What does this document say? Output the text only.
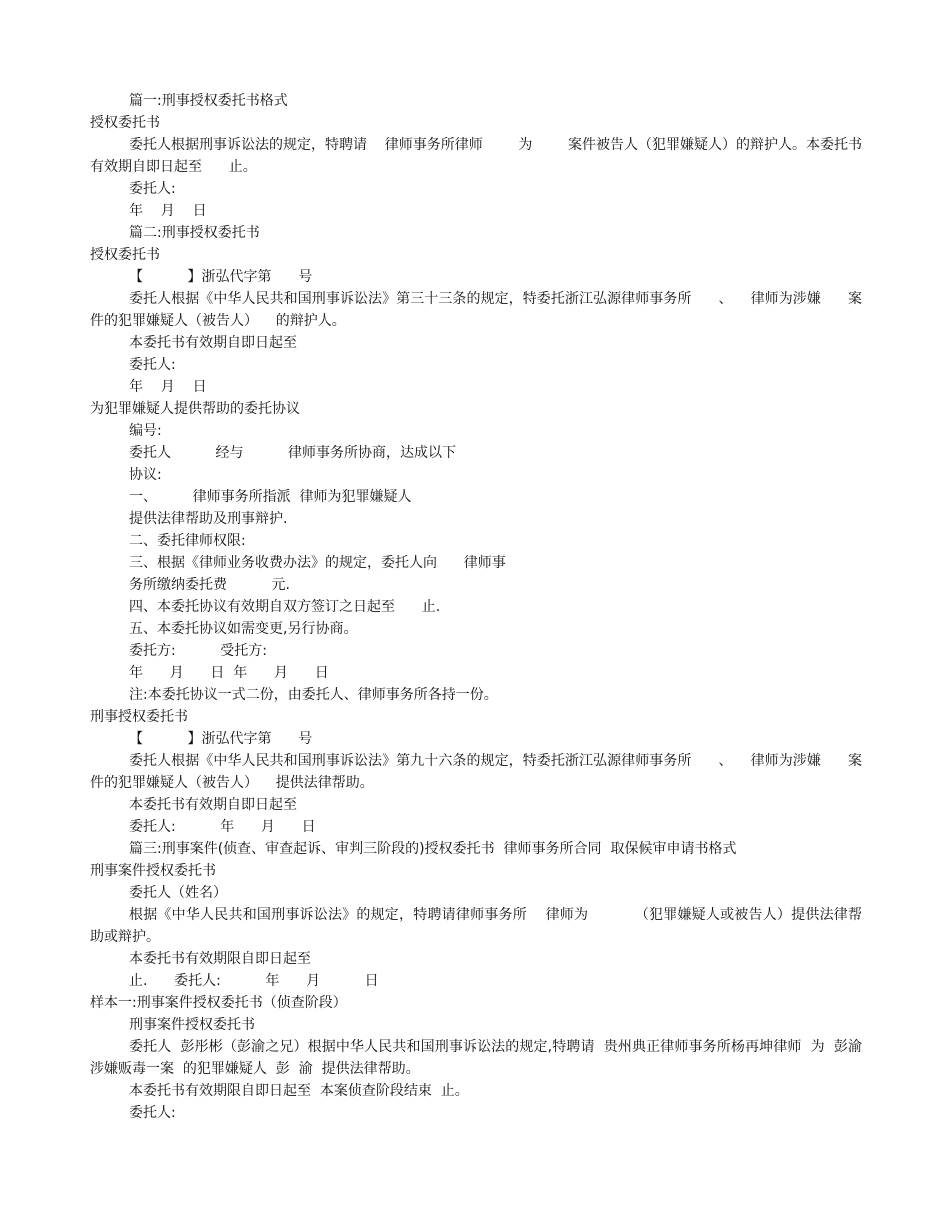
篇一:刑事授权委托书格式

授权委托书

委托人根据刑事诉讼法的规定，特聘请    律师事务所律师        为        案件被告人（犯罪嫌疑人）的辩护人。本委托书有效期自即日起至      止。

委托人:

年    月    日

篇二:刑事授权委托书

授权委托书

【          】浙弘代字第      号

委托人根据《中华人民共和国刑事诉讼法》第三十三条的规定，特委托浙江弘源律师事务所      、    律师为涉嫌      案件的犯罪嫌疑人（被告人）    的辩护人。

本委托书有效期自即日起至

委托人:

年    月    日

为犯罪嫌疑人提供帮助的委托协议

编号:

委托人          经与          律师事务所协商，达成以下

协议:

一、        律师事务所指派  律师为犯罪嫌疑人

提供法律帮助及刑事辩护.

二、委托律师权限:

三、根据《律师业务收费办法》的规定，委托人向      律师事

务所缴纳委托费          元.

四、本委托协议有效期自双方签订之日起至      止.

五、本委托协议如需变更,另行协商。

委托方:          受托方:

年      月      日  年      月      日

注:本委托协议一式二份，由委托人、律师事务所各持一份。

刑事授权委托书

【          】浙弘代字第      号

委托人根据《中华人民共和国刑事诉讼法》第九十六条的规定，特委托浙江弘源律师事务所      、    律师为涉嫌      案件的犯罪嫌疑人（被告人）    提供法律帮助。

本委托书有效期自即日起至

委托人:          年      月      日

篇三:刑事案件(侦查、审查起诉、审判三阶段的)授权委托书  律师事务所合同  取保候审申请书格式

刑事案件授权委托书

委托人（姓名）

根据《中华人民共和国刑事诉讼法》的规定，特聘请律师事务所    律师为          （犯罪嫌疑人或被告人）提供法律帮助或辩护。

本委托书有效期限自即日起至

止.      委托人:          年      月          日

样本一:刑事案件授权委托书（侦查阶段）

刑事案件授权委托书

委托人  彭彤彬（彭渝之兄）根据中华人民共和国刑事诉讼法的规定,特聘请  贵州典正律师事务所杨再坤律师  为  彭渝涉嫌贩毒一案  的犯罪嫌疑人  彭  渝  提供法律帮助。

本委托书有效期限自即日起至  本案侦查阶段结束  止。

委托人:
